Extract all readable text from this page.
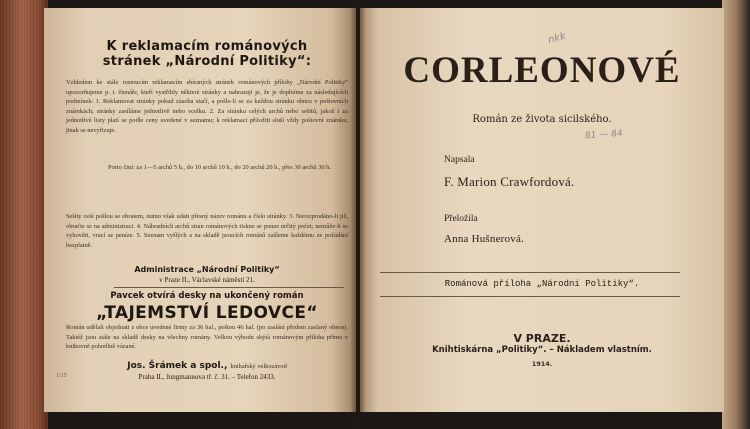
K reklamacím románových
stránek „Národní Politiky“:
Vzhledem ke stále rostoucím reklamacím sbíraných stránek románových přílohy „Národní Politiky“ upozorňujeme p. t. čtenáře, kteří vystřihly některé stránky a nahrazují je, že je doplníme za následujících podmínek: 1. Reklamovat stránky pokud zásoba stačí, a pošle-li se za každou stránku obnos v poštovních známkách; stránky zasíláme jednotlivě nebo vcelku. 2. Za stránku celých archů nebo sešitů, jakož i za jednotlivé listy platí se podle ceny uvedené v seznamu; k reklamaci přiložiti sluší vždy poštovní známku, jinak se nevyřizuje.
Porto činí: za 1—5 archů 5 h., do 10 archů 10 h., do 20 archů 20 h., přes 30 archů 30 h.
Sešity celé pošlou se obratem, nutno však udati přesný název románu a číslo stránky. 3. Nerozprodáno-li již, obraťte se na administraci. 4. Náhradních archů stran románových tiskne se pouze určitý počet; nemůže-li se vyhověti, vrací se peníze. 5. Seznam vyšlých a na skladě jsoucích románů zašleme každému ze požádání bezplatně.
Administrace „Národní Politiky“
v Praze II., Václavské náměstí 21.
Pavcek otvírá desky na ukončený román
„TAJEMSTVÍ LEDOVCE“
Román udělali objednati z obce uvedené firmy za 36 hal., poštou 46 hal. (po zaslání předem zaslaný obnos). Taktéž jsou stále na skladě desky na všechny romány. Velkou výhodu skýtá románovým příloha přímo v knihovně pohodlně vázané.
Jos. Šrámek a spol., knihařský velkozávod
Praha II., Jungmannova tř. č. 31. – Telefon 2433.
1/15
CORLEONOVÉ
Román ze života sicilského.
Napsala
F. Marion Crawfordová.
Přeložila
Anna Hušnerová.
Románová příloha „Národní Politiky“.
V PRAZE.
Knihtiskárna „Politiky“. – Nákladem vlastním.
1914.
nkk
81 — 84
